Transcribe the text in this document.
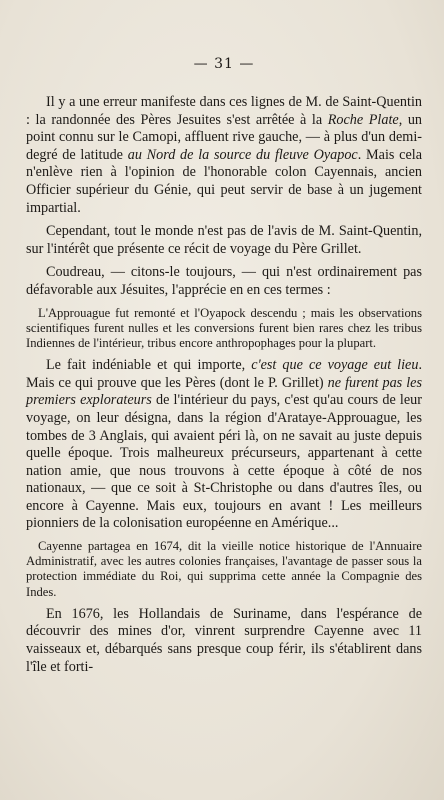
— 31 —

Il y a une erreur manifeste dans ces lignes de M. de Saint-Quentin : la randonnée des Pères Jesuites s'est arrêtée à la Roche Plate, un point connu sur le Camopi, affluent rive gauche, — à plus d'un demi-degré de latitude au Nord de la source du fleuve Oyapoc. Mais cela n'enlève rien à l'opinion de l'honorable colon Cayennais, ancien Officier supérieur du Génie, qui peut servir de base à un jugement impartial.

Cependant, tout le monde n'est pas de l'avis de M. Saint-Quentin, sur l'intérêt que présente ce récit de voyage du Père Grillet.

Coudreau, — citons-le toujours, — qui n'est ordinairement pas défavorable aux Jésuites, l'apprécie en en ces termes :

L'Approuague fut remonté et l'Oyapock descendu ; mais les observations scientifiques furent nulles et les conversions furent bien rares chez les tribus Indiennes de l'intérieur, tribus encore anthropophages pour la plupart.

Le fait indéniable et qui importe, c'est que ce voyage eut lieu. Mais ce qui prouve que les Pères (dont le P. Grillet) ne furent pas les premiers explorateurs de l'intérieur du pays, c'est qu'au cours de leur voyage, on leur désigna, dans la région d'Arataye-Approuague, les tombes de 3 Anglais, qui avaient péri là, on ne savait au juste depuis quelle époque. Trois malheureux précurseurs, appartenant à cette nation amie, que nous trouvons à cette époque à côté de nos nationaux, — que ce soit à St-Christophe ou dans d'autres îles, ou encore à Cayenne. Mais eux, toujours en avant ! Les meilleurs pionniers de la colonisation européenne en Amérique...

Cayenne partagea en 1674, dit la vieille notice historique de l'Annuaire Administratif, avec les autres colonies françaises, l'avantage de passer sous la protection immédiate du Roi, qui supprima cette année la Compagnie des Indes.

En 1676, les Hollandais de Suriname, dans l'espérance de découvrir des mines d'or, vinrent surprendre Cayenne avec 11 vaisseaux et, débarqués sans presque coup férir, ils s'établirent dans l'île et forti-
